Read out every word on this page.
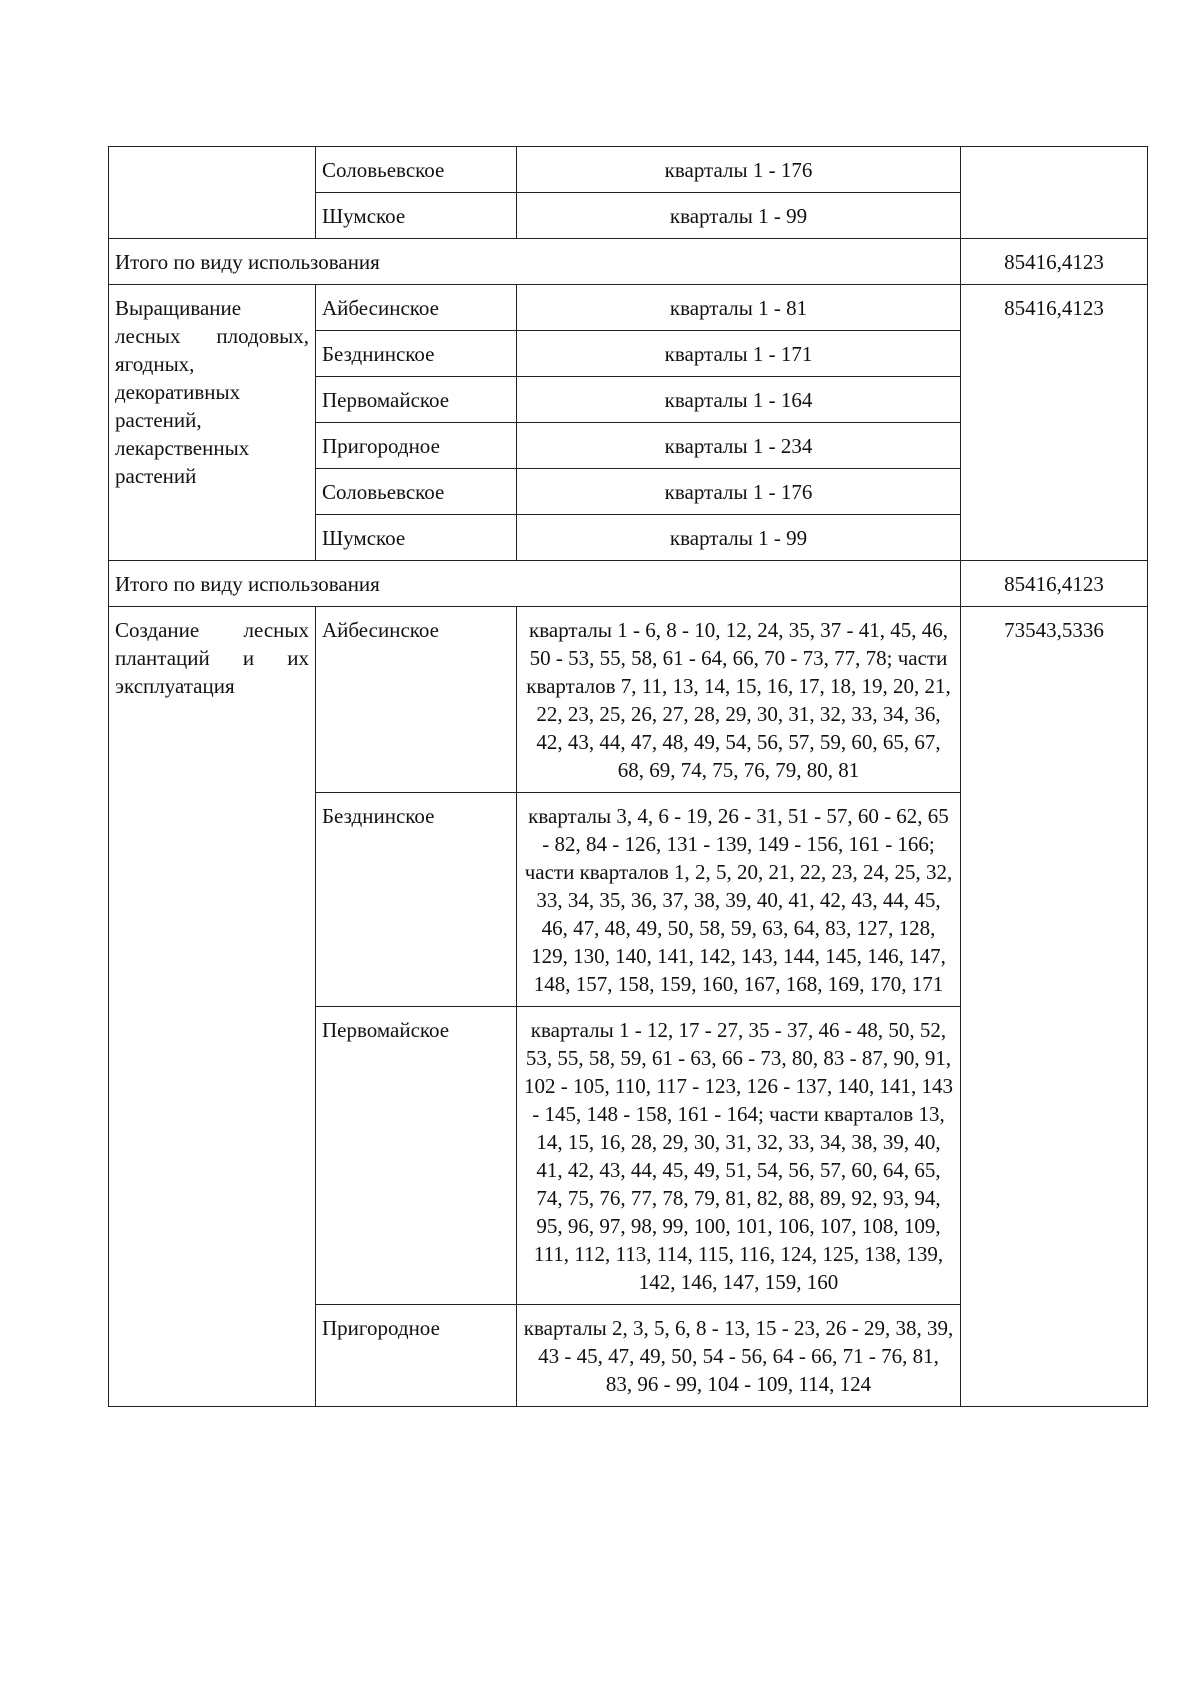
	Соловьевское	кварталы 1 - 176	
	Шумское	кварталы 1 - 99	
Итого по виду использования			85416,4123
Выращивание лесных плодовых, ягодных, декоративных растений, лекарственных растений	Айбесинское	кварталы 1 - 81	85416,4123
	Безднинское	кварталы 1 - 171	
	Первомайское	кварталы 1 - 164	
	Пригородное	кварталы 1 - 234	
	Соловьевское	кварталы 1 - 176	
	Шумское	кварталы 1 - 99	
Итого по виду использования			85416,4123
Создание лесных плантаций и их эксплуатация	Айбесинское	кварталы 1 - 6, 8 - 10, 12, 24, 35, 37 - 41, 45, 46, 50 - 53, 55, 58, 61 - 64, 66, 70 - 73, 77, 78; части кварталов 7, 11, 13, 14, 15, 16, 17, 18, 19, 20, 21, 22, 23, 25, 26, 27, 28, 29, 30, 31, 32, 33, 34, 36, 42, 43, 44, 47, 48, 49, 54, 56, 57, 59, 60, 65, 67, 68, 69, 74, 75, 76, 79, 80, 81	73543,5336
	Безднинское	кварталы 3, 4, 6 - 19, 26 - 31, 51 - 57, 60 - 62, 65 - 82, 84 - 126, 131 - 139, 149 - 156, 161 - 166; части кварталов 1, 2, 5, 20, 21, 22, 23, 24, 25, 32, 33, 34, 35, 36, 37, 38, 39, 40, 41, 42, 43, 44, 45, 46, 47, 48, 49, 50, 58, 59, 63, 64, 83, 127, 128, 129, 130, 140, 141, 142, 143, 144, 145, 146, 147, 148, 157, 158, 159, 160, 167, 168, 169, 170, 171	
	Первомайское	кварталы 1 - 12, 17 - 27, 35 - 37, 46 - 48, 50, 52, 53, 55, 58, 59, 61 - 63, 66 - 73, 80, 83 - 87, 90, 91, 102 - 105, 110, 117 - 123, 126 - 137, 140, 141, 143 - 145, 148 - 158, 161 - 164; части кварталов 13, 14, 15, 16, 28, 29, 30, 31, 32, 33, 34, 38, 39, 40, 41, 42, 43, 44, 45, 49, 51, 54, 56, 57, 60, 64, 65, 74, 75, 76, 77, 78, 79, 81, 82, 88, 89, 92, 93, 94, 95, 96, 97, 98, 99, 100, 101, 106, 107, 108, 109, 111, 112, 113, 114, 115, 116, 124, 125, 138, 139, 142, 146, 147, 159, 160	
	Пригородное	кварталы 2, 3, 5, 6, 8 - 13, 15 - 23, 26 - 29, 38, 39, 43 - 45, 47, 49, 50, 54 - 56, 64 - 66, 71 - 76, 81, 83, 96 - 99, 104 - 109, 114, 124	
